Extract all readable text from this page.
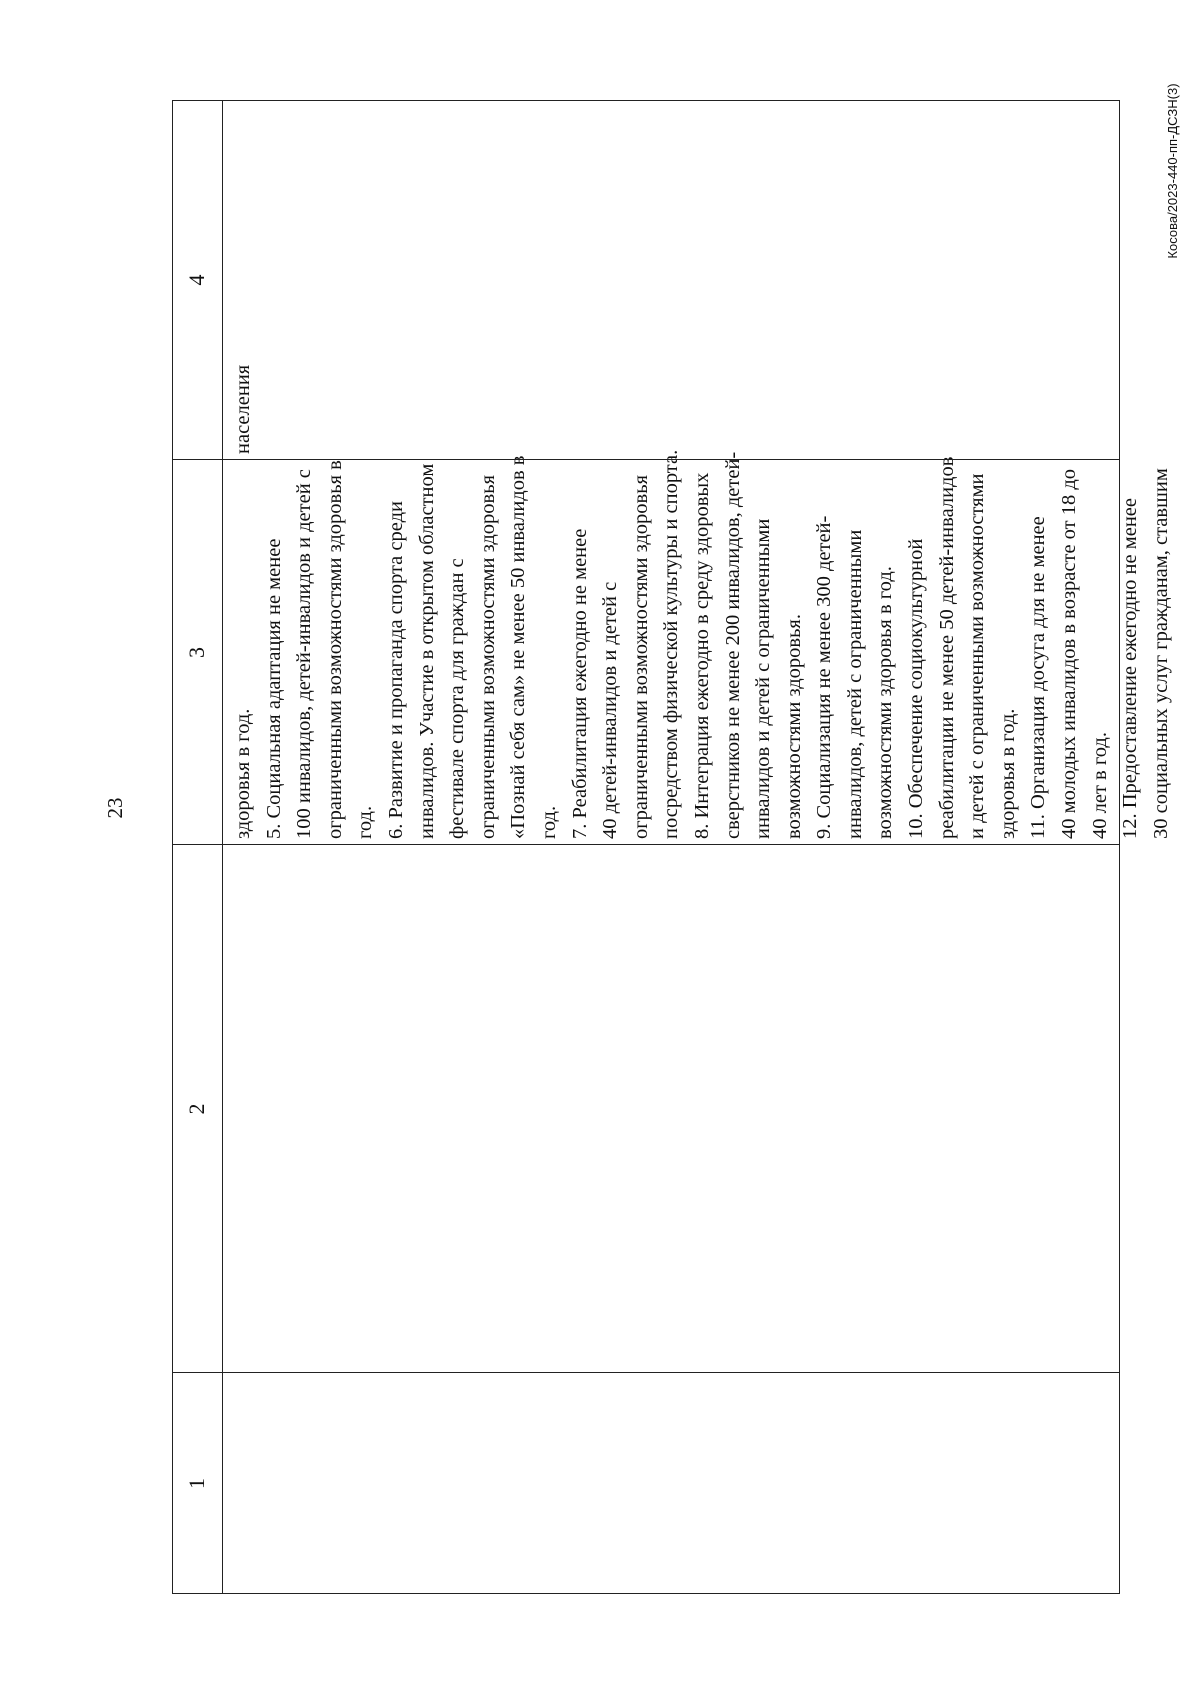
23
Косова/2023-440-пп-ДСЗН(3)
1
2
3
4
здоровья в год. 5. Социальная адаптация не менее 100 инвалидов, детей-инвалидов и детей с ограниченными возможностями здоровья в год. 6. Развитие и пропаганда спорта среди инвалидов. Участие в открытом областном фестивале спорта для граждан с ограниченными возможностями здоровья «Познай себя сам» не менее 50 инвалидов в год. 7. Реабилитация ежегодно не менее 40 детей-инвалидов и детей с ограниченными возможностями здоровья посредством физической культуры и спорта. 8. Интеграция ежегодно в среду здоровых сверстников не менее 200 инвалидов, детей- инвалидов и детей с ограниченными возможностями здоровья. 9. Социализация не менее 300 детей- инвалидов, детей с ограниченными возможностями здоровья в год. 10. Обеспечение социокультурной реабилитации не менее 50 детей-инвалидов и детей с ограниченными возможностями здоровья в год. 11. Организация досуга для не менее 40 молодых инвалидов в возрасте от 18 до 40 лет в год. 12. Предоставление ежегодно не менее 30 социальных услуг гражданам, ставшим
населения
